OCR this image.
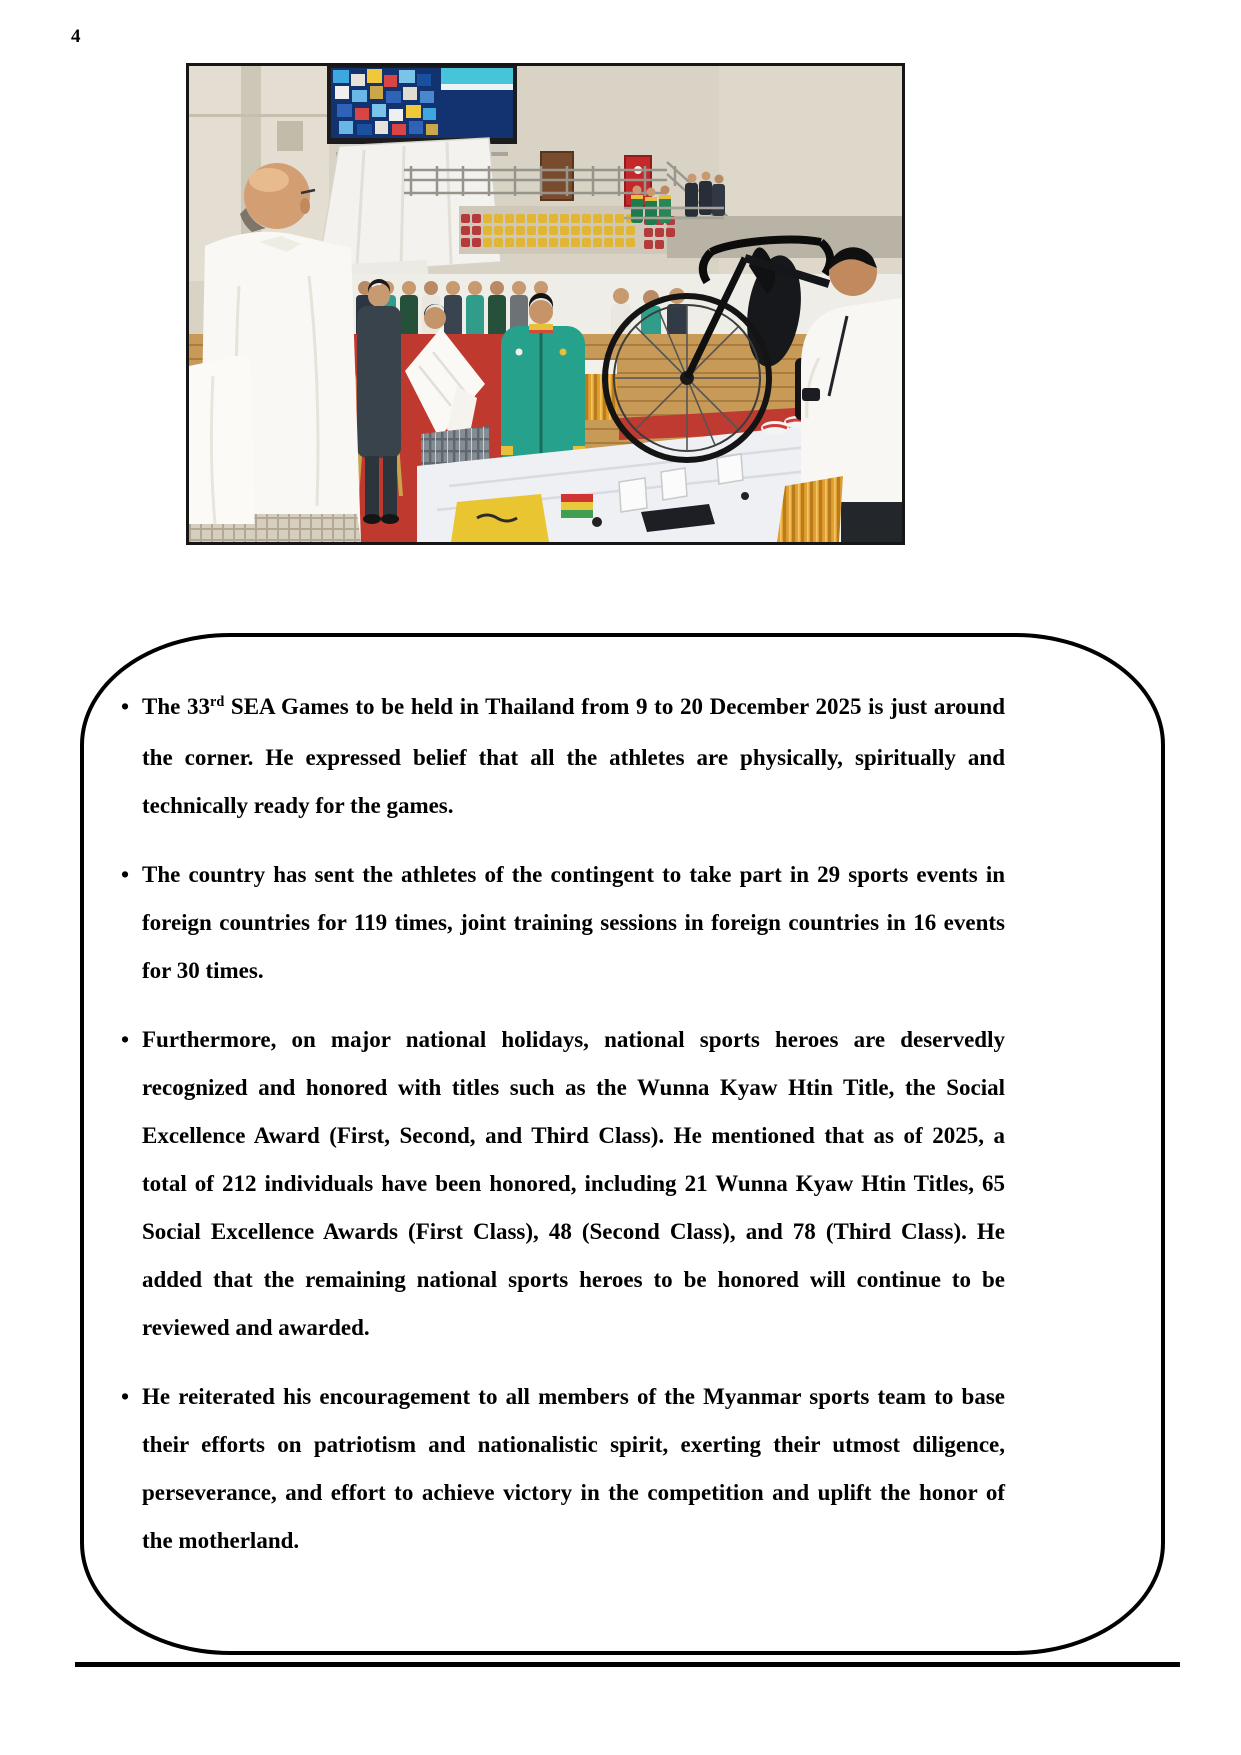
4
• The 33rd SEA Games to be held in Thailand from 9 to 20 December 2025 is just around the corner. He expressed belief that all the athletes are physically, spiritually and technically ready for the games.
• The country has sent the athletes of the contingent to take part in 29 sports events in foreign countries for 119 times, joint training sessions in foreign countries in 16 events for 30 times.
• Furthermore, on major national holidays, national sports heroes are deservedly recognized and honored with titles such as the Wunna Kyaw Htin Title, the Social Excellence Award (First, Second, and Third Class). He mentioned that as of 2025, a total of 212 individuals have been honored, including 21 Wunna Kyaw Htin Titles, 65 Social Excellence Awards (First Class), 48 (Second Class), and 78 (Third Class). He added that the remaining national sports heroes to be honored will continue to be reviewed and awarded.
• He reiterated his encouragement to all members of the Myanmar sports team to base their efforts on patriotism and nationalistic spirit, exerting their utmost diligence, perseverance, and effort to achieve victory in the competition and uplift the honor of the motherland.
